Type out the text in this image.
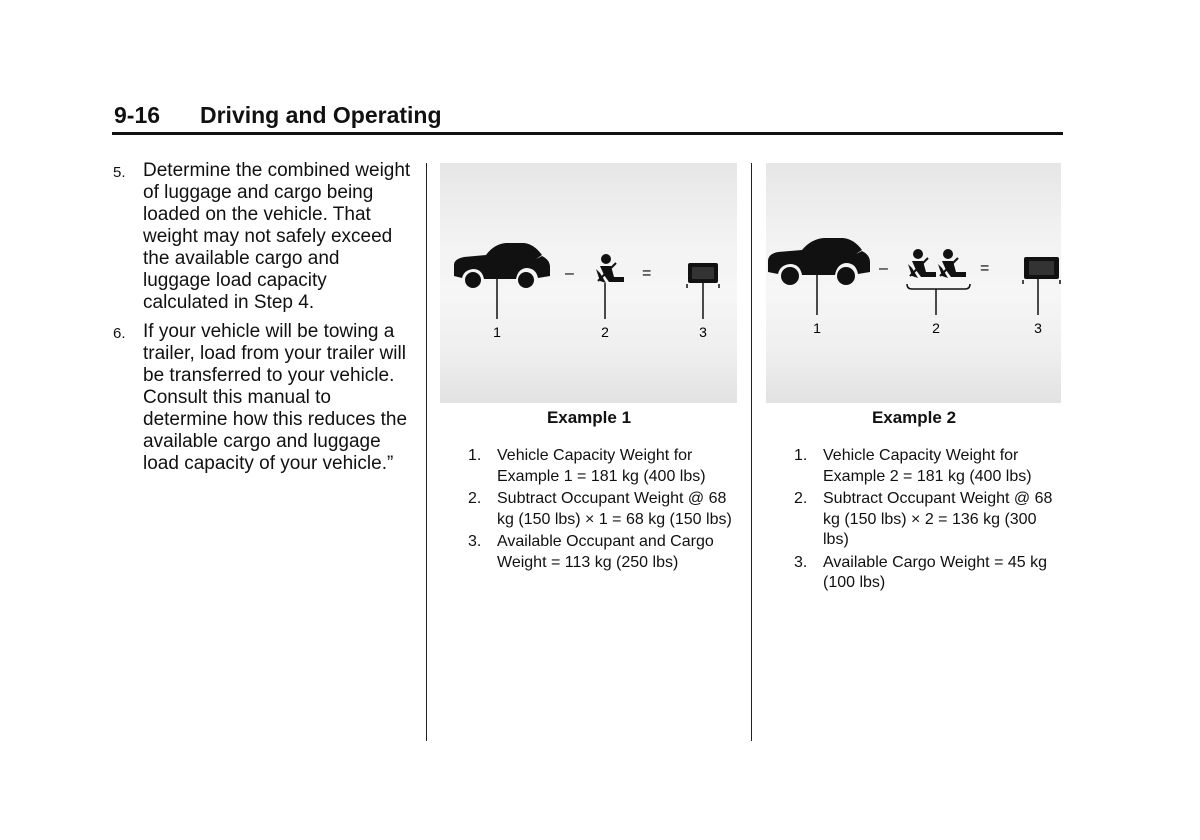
9-16 Driving and Operating
5. Determine the combined weight of luggage and cargo being loaded on the vehicle. That weight may not safely exceed the available cargo and luggage load capacity calculated in Step 4.
6. If your vehicle will be towing a trailer, load from your trailer will be transferred to your vehicle. Consult this manual to determine how this reduces the available cargo and luggage load capacity of your vehicle.”
–	=
1	2	3
Example 1
1. Vehicle Capacity Weight for Example 1 = 181 kg (400 lbs)
2. Subtract Occupant Weight @ 68 kg (150 lbs) × 1 = 68 kg (150 lbs)
3. Available Occupant and Cargo Weight = 113 kg (250 lbs)
–	=
1	2	3
Example 2
1. Vehicle Capacity Weight for Example 2 = 181 kg (400 lbs)
2. Subtract Occupant Weight @ 68 kg (150 lbs) × 2 = 136 kg (300 lbs)
3. Available Cargo Weight = 45 kg (100 lbs)
